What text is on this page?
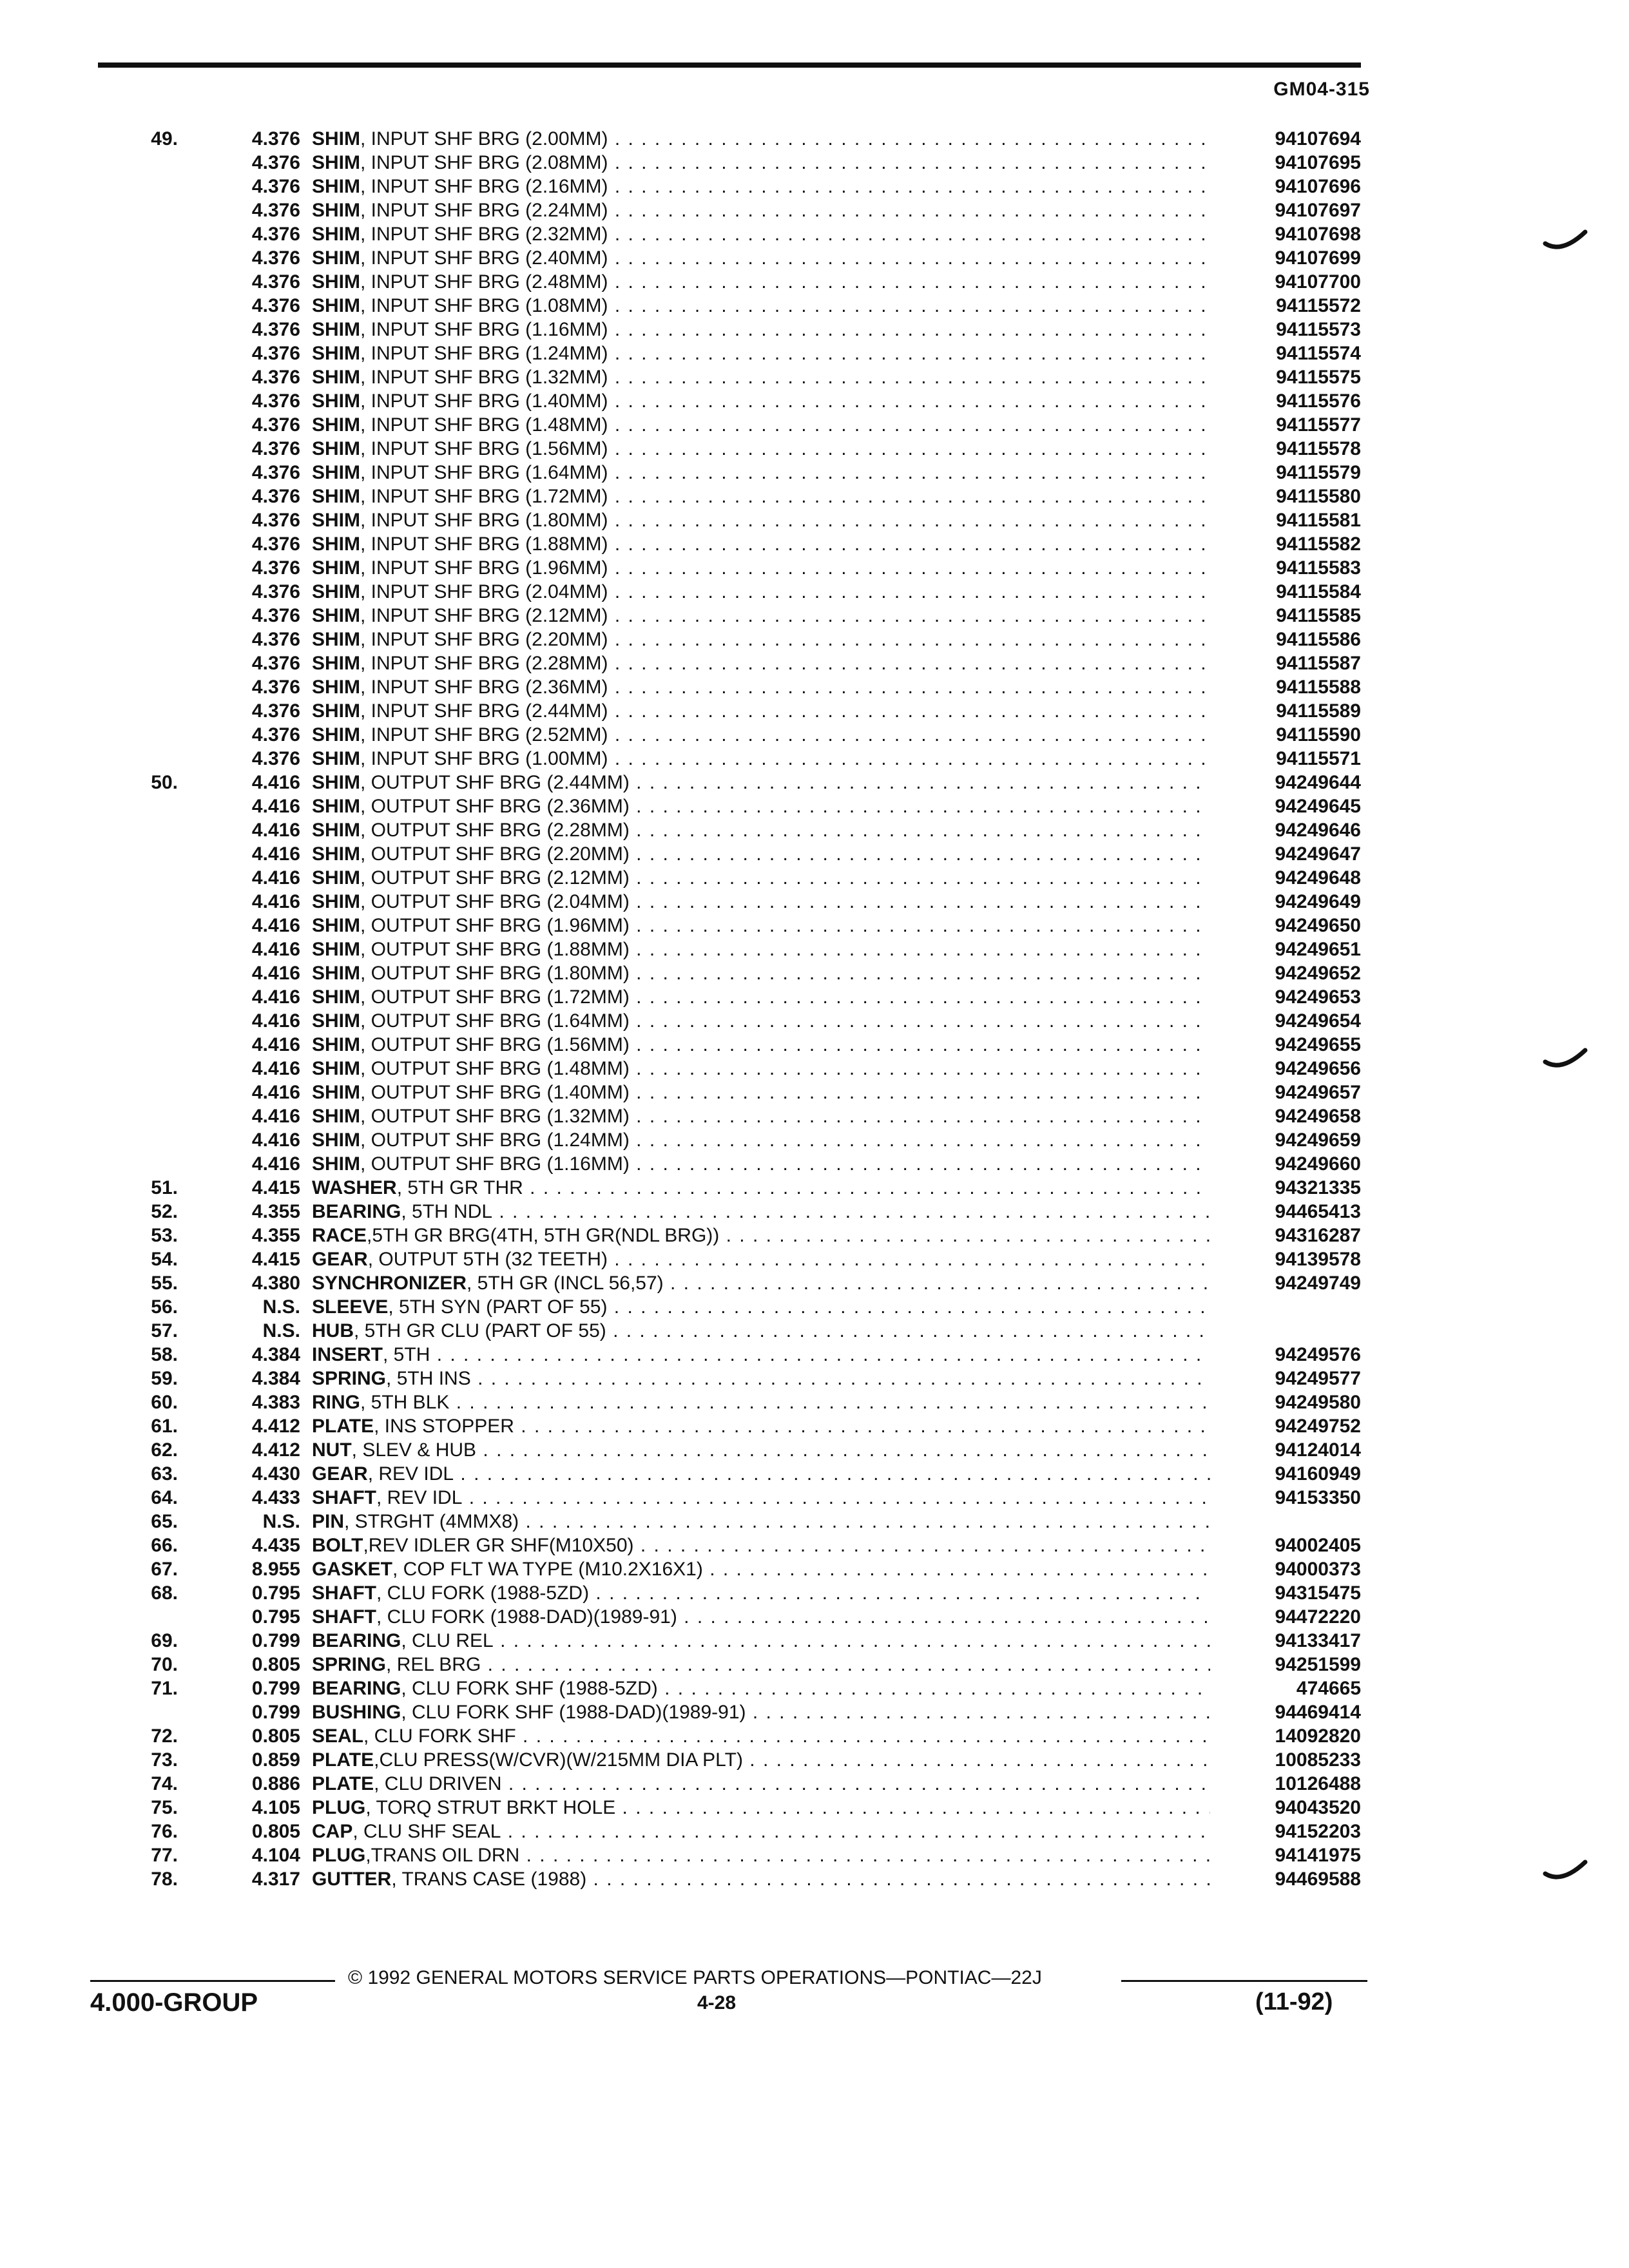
GM04-315
49.	4.376 SHIM, INPUT SHF BRG (2.00MM) . . .	94107694
4.376 SHIM, INPUT SHF BRG (2.08MM) . . .	94107695
4.376 SHIM, INPUT SHF BRG (2.16MM) . . .	94107696
4.376 SHIM, INPUT SHF BRG (2.24MM) . . .	94107697
4.376 SHIM, INPUT SHF BRG (2.32MM) . . .	94107698
4.376 SHIM, INPUT SHF BRG (2.40MM) . . .	94107699
4.376 SHIM, INPUT SHF BRG (2.48MM) . . .	94107700
4.376 SHIM, INPUT SHF BRG (1.08MM) . . .	94115572
4.376 SHIM, INPUT SHF BRG (1.16MM) . . .	94115573
4.376 SHIM, INPUT SHF BRG (1.24MM) . . .	94115574
4.376 SHIM, INPUT SHF BRG (1.32MM) . . .	94115575
4.376 SHIM, INPUT SHF BRG (1.40MM) . . .	94115576
4.376 SHIM, INPUT SHF BRG (1.48MM) . . .	94115577
4.376 SHIM, INPUT SHF BRG (1.56MM) . . .	94115578
4.376 SHIM, INPUT SHF BRG (1.64MM) . . .	94115579
4.376 SHIM, INPUT SHF BRG (1.72MM) . . .	94115580
4.376 SHIM, INPUT SHF BRG (1.80MM) . . .	94115581
4.376 SHIM, INPUT SHF BRG (1.88MM) . . .	94115582
4.376 SHIM, INPUT SHF BRG (1.96MM) . . .	94115583
4.376 SHIM, INPUT SHF BRG (2.04MM) . . .	94115584
4.376 SHIM, INPUT SHF BRG (2.12MM) . . .	94115585
4.376 SHIM, INPUT SHF BRG (2.20MM) . . .	94115586
4.376 SHIM, INPUT SHF BRG (2.28MM) . . .	94115587
4.376 SHIM, INPUT SHF BRG (2.36MM) . . .	94115588
4.376 SHIM, INPUT SHF BRG (2.44MM) . . .	94115589
4.376 SHIM, INPUT SHF BRG (2.52MM) . . .	94115590
4.376 SHIM, INPUT SHF BRG (1.00MM) . . .	94115571
50.	4.416 SHIM, OUTPUT SHF BRG (2.44MM) . . .	94249644
4.416 SHIM, OUTPUT SHF BRG (2.36MM) . . .	94249645
4.416 SHIM, OUTPUT SHF BRG (2.28MM) . . .	94249646
4.416 SHIM, OUTPUT SHF BRG (2.20MM) . . .	94249647
4.416 SHIM, OUTPUT SHF BRG (2.12MM) . . .	94249648
4.416 SHIM, OUTPUT SHF BRG (2.04MM) . . .	94249649
4.416 SHIM, OUTPUT SHF BRG (1.96MM) . . .	94249650
4.416 SHIM, OUTPUT SHF BRG (1.88MM) . . .	94249651
4.416 SHIM, OUTPUT SHF BRG (1.80MM) . . .	94249652
4.416 SHIM, OUTPUT SHF BRG (1.72MM) . . .	94249653
4.416 SHIM, OUTPUT SHF BRG (1.64MM) . . .	94249654
4.416 SHIM, OUTPUT SHF BRG (1.56MM) . . .	94249655
4.416 SHIM, OUTPUT SHF BRG (1.48MM) . . .	94249656
4.416 SHIM, OUTPUT SHF BRG (1.40MM) . . .	94249657
4.416 SHIM, OUTPUT SHF BRG (1.32MM) . . .	94249658
4.416 SHIM, OUTPUT SHF BRG (1.24MM) . . .	94249659
4.416 SHIM, OUTPUT SHF BRG (1.16MM) . . .	94249660
51.	4.415 WASHER, 5TH GR THR . . .	94321335
52.	4.355 BEARING, 5TH NDL . . .	94465413
53.	4.355 RACE,5TH GR BRG(4TH, 5TH GR(NDL BRG)) . . .	94316287
54.	4.415 GEAR, OUTPUT 5TH (32 TEETH) . . .	94139578
55.	4.380 SYNCHRONIZER, 5TH GR (INCL 56,57) . . .	94249749
56.	N.S. SLEEVE, 5TH SYN (PART OF 55) . . .
57.	N.S. HUB, 5TH GR CLU (PART OF 55) . . .
58.	4.384 INSERT, 5TH . . .	94249576
59.	4.384 SPRING, 5TH INS . . .	94249577
60.	4.383 RING, 5TH BLK . . .	94249580
61.	4.412 PLATE, INS STOPPER . . .	94249752
62.	4.412 NUT, SLEV & HUB . . .	94124014
63.	4.430 GEAR, REV IDL . . .	94160949
64.	4.433 SHAFT, REV IDL . . .	94153350
65.	N.S. PIN, STRGHT (4MMX8) . . .
66.	4.435 BOLT,REV IDLER GR SHF(M10X50) . . .	94002405
67.	8.955 GASKET, COP FLT WA TYPE (M10.2X16X1) . . .	94000373
68.	0.795 SHAFT, CLU FORK (1988-5ZD) . . .	94315475
0.795 SHAFT, CLU FORK (1988-DAD)(1989-91) . . .	94472220
69.	0.799 BEARING, CLU REL . . .	94133417
70.	0.805 SPRING, REL BRG . . .	94251599
71.	0.799 BEARING, CLU FORK SHF (1988-5ZD) . . .	474665
0.799 BUSHING, CLU FORK SHF (1988-DAD)(1989-91) . . .	94469414
72.	0.805 SEAL, CLU FORK SHF . . .	14092820
73.	0.859 PLATE,CLU PRESS(W/CVR)(W/215MM DIA PLT) . . .	10085233
74.	0.886 PLATE, CLU DRIVEN . . .	10126488
75.	4.105 PLUG, TORQ STRUT BRKT HOLE . . .	94043520
76.	0.805 CAP, CLU SHF SEAL . . .	94152203
77.	4.104 PLUG,TRANS OIL DRN . . .	94141975
78.	4.317 GUTTER, TRANS CASE (1988) . . .	94469588
© 1992 GENERAL MOTORS SERVICE PARTS OPERATIONS—PONTIAC—22J
4.000-GROUP	4-28	(11-92)
